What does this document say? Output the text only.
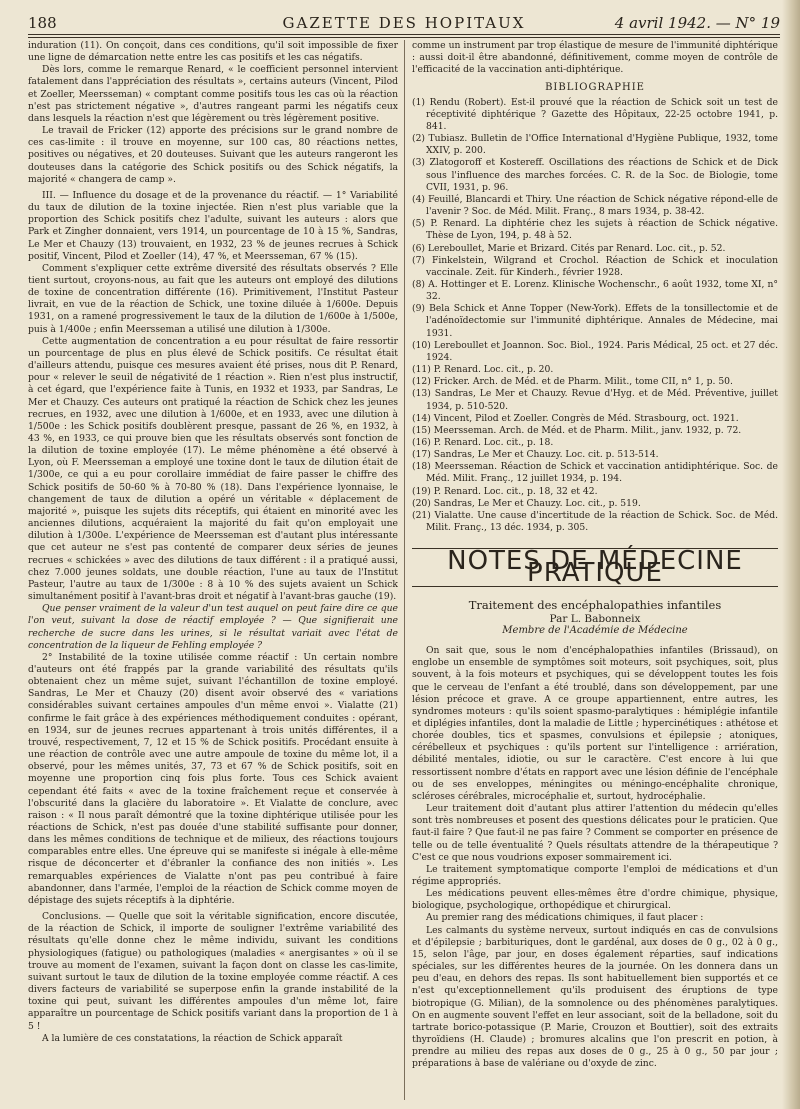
GAZETTE DES HOPITAUX
188	4 avril 1942. — N° 19

induration (11). On conçoit, dans ces conditions, qu'il soit impossible de fixer une ligne de démarcation nette entre les cas positifs et les cas négatifs.

Dès lors, comme le remarque Renard, « le coefficient personnel intervient fatalement dans l'appréciation des résultats », certains auteurs (Vincent, Pilod et Zoeller, Meersseman) « comptant comme positifs tous les cas où la réaction n'est pas strictement négative », d'autres rangeant parmi les négatifs ceux dans lesquels la réaction n'est que légèrement ou très légèrement positive.

Le travail de Fricker (12) apporte des précisions sur le grand nombre de ces cas-limite : il trouve en moyenne, sur 100 cas, 80 réactions nettes, positives ou négatives, et 20 douteuses. Suivant que les auteurs rangeront les douteuses dans la catégorie des Schick positifs ou des Schick négatifs, la majorité « changera de camp ».

III. — Influence du dosage et de la provenance du réactif. — 1° Variabilité du taux de dilution de la toxine injectée. Rien n'est plus variable que la proportion des Schick positifs chez l'adulte, suivant les auteurs : alors que Park et Zingher donnaient, vers 1914, un pourcentage de 10 à 15 %, Sandras, Le Mer et Chauzy (13) trouvaient, en 1932, 23 % de jeunes recrues à Schick positif, Vincent, Pilod et Zoeller (14), 47 %, et Meersseman, 67 % (15).

Comment s'expliquer cette extrême diversité des résultats observés ? Elle tient surtout, croyons-nous, au fait que les auteurs ont employé des dilutions de toxine de concentration différente (16). Primitivement, l'Institut Pasteur livrait, en vue de la réaction de Schick, une toxine diluée à 1/600e. Depuis 1931, on a ramené progressivement le taux de la dilution de 1/600e à 1/500e, puis à 1/400e ; enfin Meersseman a utilisé une dilution à 1/300e.

Cette augmentation de concentration a eu pour résultat de faire ressortir un pourcentage de plus en plus élevé de Schick positifs. Ce résultat était d'ailleurs attendu, puisque ces mesures avaient été prises, nous dit P. Renard, pour « relever le seuil de négativité de 1 réaction ». Rien n'est plus instructif, à cet égard, que l'expérience faite à Tunis, en 1932 et 1933, par Sandras, Le Mer et Chauzy. Ces auteurs ont pratiqué la réaction de Schick chez les jeunes recrues, en 1932, avec une dilution à 1/600e, et en 1933, avec une dilution à 1/500e : les Schick positifs doublèrent presque, passant de 26 %, en 1932, à 43 %, en 1933, ce qui prouve bien que les résultats observés sont fonction de la dilution de toxine employée (17). Le même phénomène a été observé à Lyon, où F. Meersseman a employé une toxine dont le taux de dilution était de 1/300e, ce qui a eu pour corollaire immédiat de faire passer le chiffre des Schick positifs de 50-60 % à 70-80 % (18). Dans l'expérience lyonnaise, le changement de taux de dilution a opéré un véritable « déplacement de majorité », puisque les sujets dits réceptifs, qui étaient en minorité avec les anciennes dilutions, acquéraient la majorité du fait qu'on employait une dilution à 1/300e. L'expérience de Meersseman est d'autant plus intéressante que cet auteur ne s'est pas contenté de comparer deux séries de jeunes recrues « schickées » avec des dilutions de taux différent : il a pratiqué aussi, chez 7.000 jeunes soldats, une double réaction, l'une au taux de l'Institut Pasteur, l'autre au taux de 1/300e : 8 à 10 % des sujets avaient un Schick simultanément positif à l'avant-bras droit et négatif à l'avant-bras gauche (19).

Que penser vraiment de la valeur d'un test auquel on peut faire dire ce que l'on veut, suivant la dose de réactif employée ? — Que signifierait une recherche de sucre dans les urines, si le résultat variait avec l'état de concentration de la liqueur de Fehling employée ?

2° Instabilité de la toxine utilisée comme réactif : Un certain nombre d'auteurs ont été frappés par la grande variabilité des résultats qu'ils obtenaient chez un même sujet, suivant l'échantillon de toxine employé. Sandras, Le Mer et Chauzy (20) disent avoir observé des « variations considérables suivant certaines ampoules d'un même envoi ». Vialatte (21) confirme le fait grâce à des expériences méthodiquement conduites : opérant, en 1934, sur de jeunes recrues appartenant à trois unités différentes, il a trouvé, respectivement, 7, 12 et 15 % de Schick positifs. Procédant ensuite à une réaction de contrôle avec une autre ampoule de toxine du même lot, il a observé, pour les mêmes unités, 37, 73 et 67 % de Schick positifs, soit en moyenne une proportion cinq fois plus forte. Tous ces Schick avaient cependant été faits « avec de la toxine fraîchement reçue et conservée à l'obscurité dans la glacière du laboratoire ». Et Vialatte de conclure, avec raison : « Il nous paraît démontré que la toxine diphtérique utilisée pour les réactions de Schick, n'est pas douée d'une stabilité suffisante pour donner, dans les mêmes conditions de technique et de milieux, des réactions toujours comparables entre elles. Une épreuve qui se manifeste si inégale à elle-même risque de déconcerter et d'ébranler la confiance des non initiés ». Les remarquables expériences de Vialatte n'ont pas peu contribué à faire abandonner, dans l'armée, l'emploi de la réaction de Schick comme moyen de dépistage des sujets réceptifs à la diphtérie.

Conclusions. — Quelle que soit la véritable signification, encore discutée, de la réaction de Schick, il importe de souligner l'extrême variabilité des résultats qu'elle donne chez le même individu, suivant les conditions physiologiques (fatigue) ou pathologiques (maladies « anergisantes » où il se trouve au moment de l'examen, suivant la façon dont on classe les cas-limite, suivant surtout le taux de dilution de la toxine employée comme réactif. A ces divers facteurs de variabilité se superpose enfin la grande instabilité de la toxine qui peut, suivant les différentes ampoules d'un même lot, faire apparaître un pourcentage de Schick positifs variant dans la proportion de 1 à 5 !

A la lumière de ces constatations, la réaction de Schick apparaît

comme un instrument par trop élastique de mesure de l'immunité diphtérique : aussi doit-il être abandonné, définitivement, comme moyen de contrôle de l'efficacité de la vaccination anti-diphtérique.

BIBLIOGRAPHIE

(1) Rendu (Robert). Est-il prouvé que la réaction de Schick soit un test de réceptivité diphtérique ? Gazette des Hôpitaux, 22-25 octobre 1941, p. 841.

(2) Tubiasz. Bulletin de l'Office International d'Hygiène Publique, 1932, tome XXIV, p. 200.

(3) Zlatogoroff et Kostereff. Oscillations des réactions de Schick et de Dick sous l'influence des marches forcées. C. R. de la Soc. de Biologie, tome CVII, 1931, p. 96.

(4) Feuillé, Blancardi et Thiry. Une réaction de Schick négative répond-elle de l'avenir ? Soc. de Méd. Milit. Franç., 8 mars 1934, p. 38-42.

(5) P. Renard. La diphtérie chez les sujets à réaction de Schick négative. Thèse de Lyon, 194, p. 48 à 52.

(6) Lereboullet, Marie et Brizard. Cités par Renard. Loc. cit., p. 52.

(7) Finkelstein, Wilgrand et Crochol. Réaction de Schick et inoculation vaccinale. Zeit. für Kinderh., février 1928.

(8) A. Hottinger et E. Lorenz. Klinische Wochenschr., 6 août 1932, tome XI, n° 32.

(9) Bela Schick et Anne Topper (New-York). Effets de la tonsillectomie et de l'adénoïdectomie sur l'immunité diphtérique. Annales de Médecine, mai 1931.

(10) Lereboullet et Joannon. Soc. Biol., 1924. Paris Médical, 25 oct. et 27 déc. 1924.

(11) P. Renard. Loc. cit., p. 20.

(12) Fricker. Arch. de Méd. et de Pharm. Milit., tome CII, n° 1, p. 50.

(13) Sandras, Le Mer et Chauzy. Revue d'Hyg. et de Méd. Préventive, juillet 1934, p. 510-520.

(14) Vincent, Pilod et Zoeller. Congrès de Méd. Strasbourg, oct. 1921.

(15) Meersseman. Arch. de Méd. et de Pharm. Milit., janv. 1932, p. 72.

(16) P. Renard. Loc. cit., p. 18.

(17) Sandras, Le Mer et Chauzy. Loc. cit. p. 513-514.

(18) Meersseman. Réaction de Schick et vaccination antidiphtérique. Soc. de Méd. Milit. Franç., 12 juillet 1934, p. 194.

(19) P. Renard. Loc. cit., p. 18, 32 et 42.

(20) Sandras, Le Mer et Chauzy. Loc. cit., p. 519.

(21) Vialatte. Une cause d'incertitude de la réaction de Schick. Soc. de Méd. Milit. Franç., 13 déc. 1934, p. 305.

NOTES DE MÉDECINE PRATIQUE
Traitement des encéphalopathies infantiles
Par L. Babonneix
Membre de l'Académie de Médecine

On sait que, sous le nom d'encéphalopathies infantiles (Brissaud), on englobe un ensemble de symptômes soit moteurs, soit psychiques, soit, plus souvent, à la fois moteurs et psychiques, qui se développent toutes les fois que le cerveau de l'enfant a été troublé, dans son développement, par une lésion précoce et grave. A ce groupe appartiennent, entre autres, les syndromes moteurs : qu'ils soient spasmo-paralytiques : hémiplégie infantile et diplégies infantiles, dont la maladie de Little ; hypercinétiques : athétose et chorée doubles, tics et spasmes, convulsions et épilepsie ; atoniques, cérébelleux et psychiques : qu'ils portent sur l'intelligence : arriération, débilité mentales, idiotie, ou sur le caractère. C'est encore à lui que ressortissent nombre d'états en rapport avec une lésion définie de l'encéphale ou de ses enveloppes, méningites ou méningo-encéphalite chronique, scléroses cérébrales, microcéphalie et, surtout, hydrocéphalie.

Leur traitement doit d'autant plus attirer l'attention du médecin qu'elles sont très nombreuses et posent des questions délicates pour le praticien. Que faut-il faire ? Que faut-il ne pas faire ? Comment se comporter en présence de telle ou de telle éventualité ? Quels résultats attendre de la thérapeutique ? C'est ce que nous voudrions exposer sommairement ici.

Le traitement symptomatique comporte l'emploi de médications et d'un régime appropriés.

Les médications peuvent elles-mêmes être d'ordre chimique, physique, biologique, psychologique, orthopédique et chirurgical.

Au premier rang des médications chimiques, il faut placer :

Les calmants du système nerveux, surtout indiqués en cas de convulsions et d'épilepsie ; barbituriques, dont le gardénal, aux doses de 0 g., 02 à 0 g., 15, selon l'âge, par jour, en doses également réparties, sauf indications spéciales, sur les différentes heures de la journée. On les donnera dans un peu d'eau, en dehors des repas. Ils sont habituellement bien supportés et ce n'est qu'exceptionnellement qu'ils produisent des éruptions de type biotropique (G. Milian), de la somnolence ou des phénomènes paralytiques. On en augmente souvent l'effet en leur associant, soit de la belladone, soit du tartrate borico-potassique (P. Marie, Crouzon et Bouttier), soit des extraits thyroïdiens (H. Claude) ; bromures alcalins que l'on prescrit en potion, à prendre au milieu des repas aux doses de 0 g., 25 à 0 g., 50 par jour ; préparations à base de valériane ou d'oxyde de zinc.
